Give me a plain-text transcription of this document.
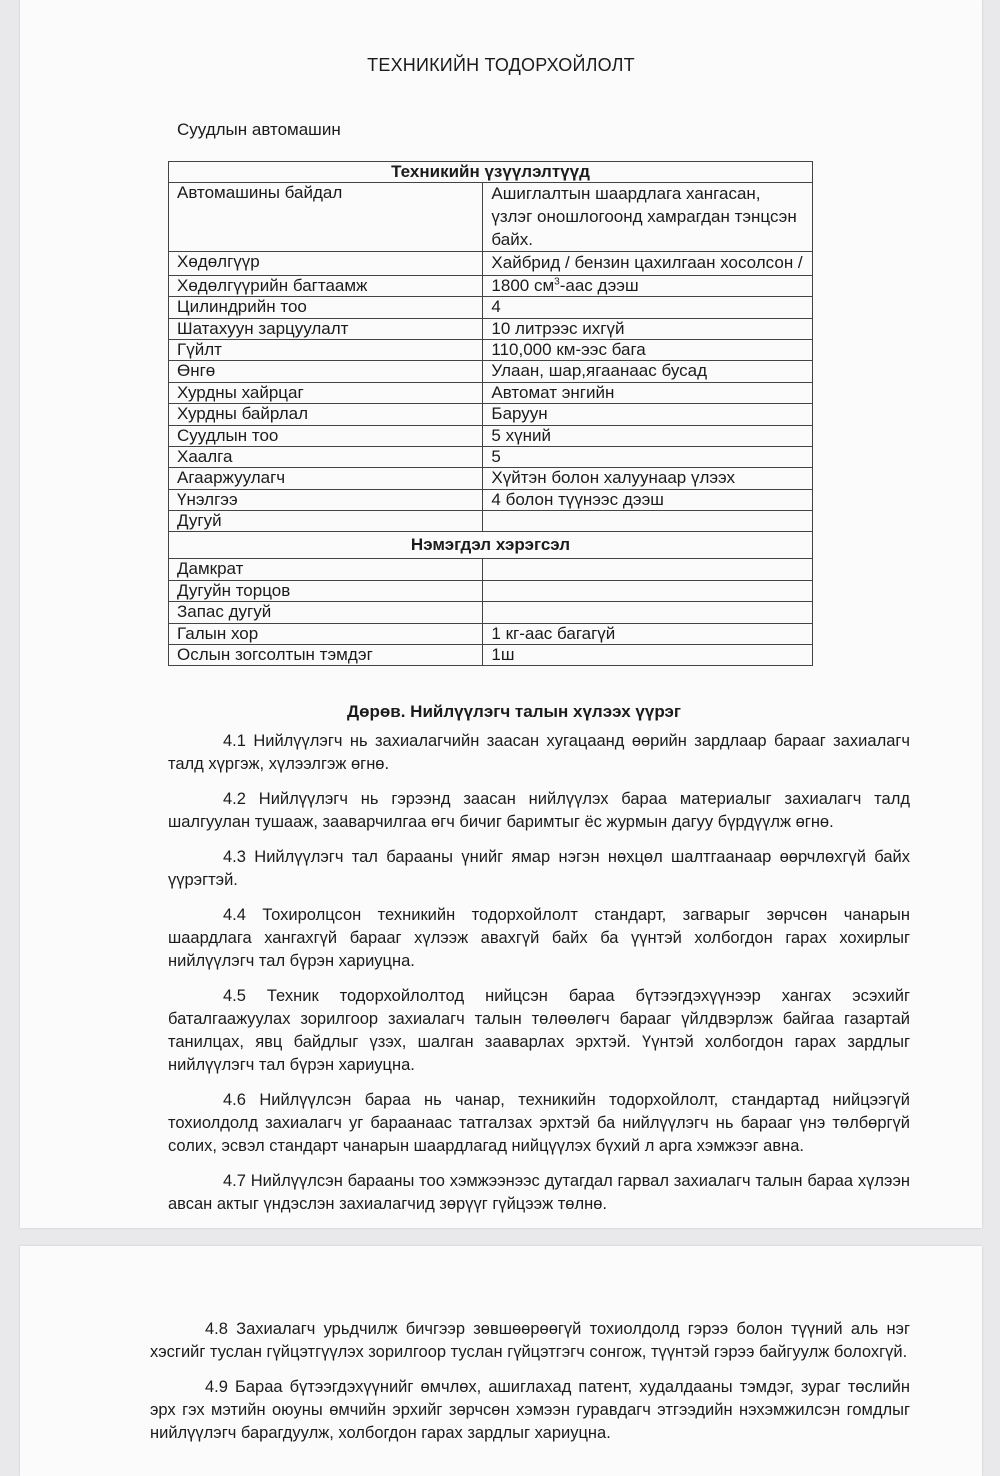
ТЕХНИКИЙН ТОДОРХОЙЛОЛТ
Суудлын автомашин
Техникийн үзүүлэлтүүд	
Автомашины байдал	Ашиглалтын шаардлага хангасан, үзлэг оношлогоонд хамрагдан тэнцсэн байх.
Хөдөлгүүр	Хайбрид / бензин цахилгаан хосолсон /
Хөдөлгүүрийн багтаамж	1800 $см^3$-аас дээш
Цилиндрийн тоо	4
Шатахуун зарцуулалт	10 литрээс ихгүй
Гүйлт	110,000 км-ээс бага
Өнгө	Улаан, шар,ягаанаас бусад
Хурдны хайрцаг	Автомат энгийн
Хурдны байрлал	Баруун
Суудлын тоо	5 хүний
Хаалга	5
Агааржуулагч	Хүйтэн болон халуунаар үлээх
Үнэлгээ	4 болон түүнээс дээш
Дугуй	
Нэмэгдэл хэрэгсэл	
Дамкрат	
Дугуйн торцов	
Запас дугуй	
Галын хор	1 кг-аас багагүй
Ослын зогсолтын тэмдэг	1ш
Дөрөв. Нийлүүлэгч талын хүлээх үүрэг

4.1 Нийлүүлэгч нь захиалагчийн заасан хугацаанд өөрийн зардлаар барааг захиалагч талд хүргэж, хүлээлгэж өгнө.

4.2 Нийлүүлэгч нь гэрээнд заасан нийлүүлэх бараа материалыг захиалагч талд шалгуулан тушааж, зааварчилгаа өгч бичиг баримтыг ёс журмын дагуу бүрдүүлж өгнө.

4.3 Нийлүүлэгч тал барааны үнийг ямар нэгэн нөхцөл шалтгаанаар өөрчлөхгүй байх үүрэгтэй.

4.4 Тохиролцсон техникийн тодорхойлолт стандарт, загварыг зөрчсөн чанарын шаардлага хангахгүй барааг хүлээж авахгүй байх ба үүнтэй холбогдон гарах хохирлыг нийлүүлэгч тал бүрэн хариуцна.

4.5 Техник тодорхойлолтод нийцсэн бараа бүтээгдэхүүнээр хангах эсэхийг баталгаажуулах зорилгоор захиалагч талын төлөөлөгч барааг үйлдвэрлэж байгаа газартай танилцах, явц байдлыг үзэх, шалган зааварлах эрхтэй. Үүнтэй холбогдон гарах зардлыг нийлүүлэгч тал бүрэн хариуцна.

4.6 Нийлүүлсэн бараа нь чанар, техникийн тодорхойлолт, стандартад нийцээгүй тохиолдолд захиалагч уг бараанаас татгалзах эрхтэй ба нийлүүлэгч нь барааг үнэ төлбөргүй солих, эсвэл стандарт чанарын шаардлагад нийцүүлэх бүхий л арга хэмжээг авна.

4.7 Нийлүүлсэн барааны тоо хэмжээнээс дутагдал гарвал захиалагч талын бараа хүлээн авсан актыг үндэслэн захиалагчид зөрүүг гүйцээж төлнө.

4.8 Захиалагч урьдчилж бичгээр зөвшөөрөөгүй тохиолдолд гэрээ болон түүний аль нэг хэсгийг туслан гүйцэтгүүлэх зорилгоор туслан гүйцэтгэгч сонгож, түүнтэй гэрээ байгуулж болохгүй.

4.9 Бараа бүтээгдэхүүнийг өмчлөх, ашиглахад патент, худалдааны тэмдэг, зураг төслийн эрх гэх мэтийн оюуны өмчийн эрхийг зөрчсөн хэмээн гуравдагч этгээдийн нэхэмжилсэн гомдлыг нийлүүлэгч барагдуулж, холбогдон гарах зардлыг хариуцна.
